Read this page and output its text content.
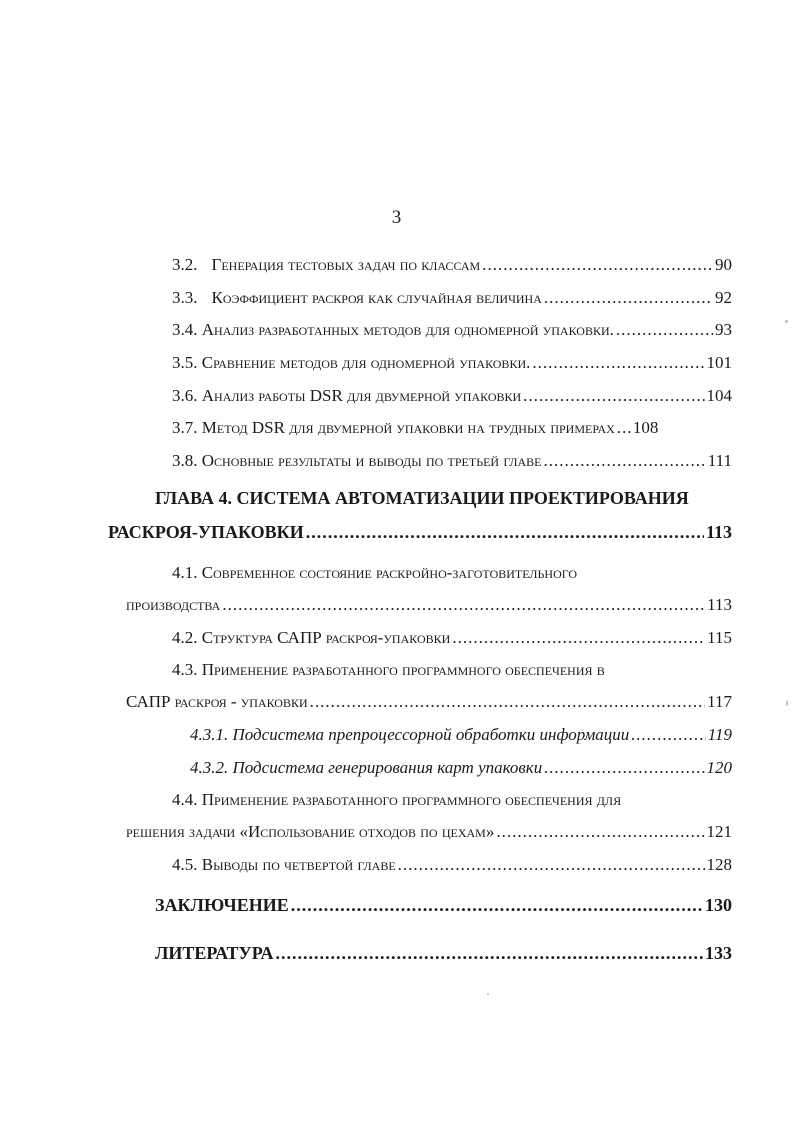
3
3.2. Генерация тестовых задач по классам .....	90
3.3. Коэффициент раскроя как случайная величина .....	92
3.4. Анализ разработанных методов для одномерной упаковки. .....	93
3.5. Сравнение методов для одномерной упаковки. .....	101
3.6. Анализ работы DSR для двумерной упаковки .....	104
3.7. Метод DSR для двумерной упаковки на трудных примерах ..... 108
3.8. Основные результаты и выводы по третьей главе .....	111
ГЛАВА 4. СИСТЕМА АВТОМАТИЗАЦИИ ПРОЕКТИРОВАНИЯ
РАСКРОЯ-УПАКОВКИ .....	113
4.1. Современное состояние раскройно-заготовительного
производства .....	113
4.2. Структура САПР раскроя-упаковки .....	115
4.3. Применение разработанного программного обеспечения в
САПР раскроя - упаковки .....	117
4.3.1. Подсистема препроцессорной обработки информации .....	119
4.3.2. Подсистема генерирования карт упаковки .....	120
4.4. Применение разработанного программного обеспечения для
решения задачи «Использование отходов по цехам» .....	121
4.5. Выводы по четвертой главе .....	128
ЗАКЛЮЧЕНИЕ .....	130
ЛИТЕРАТУРА .....	133
